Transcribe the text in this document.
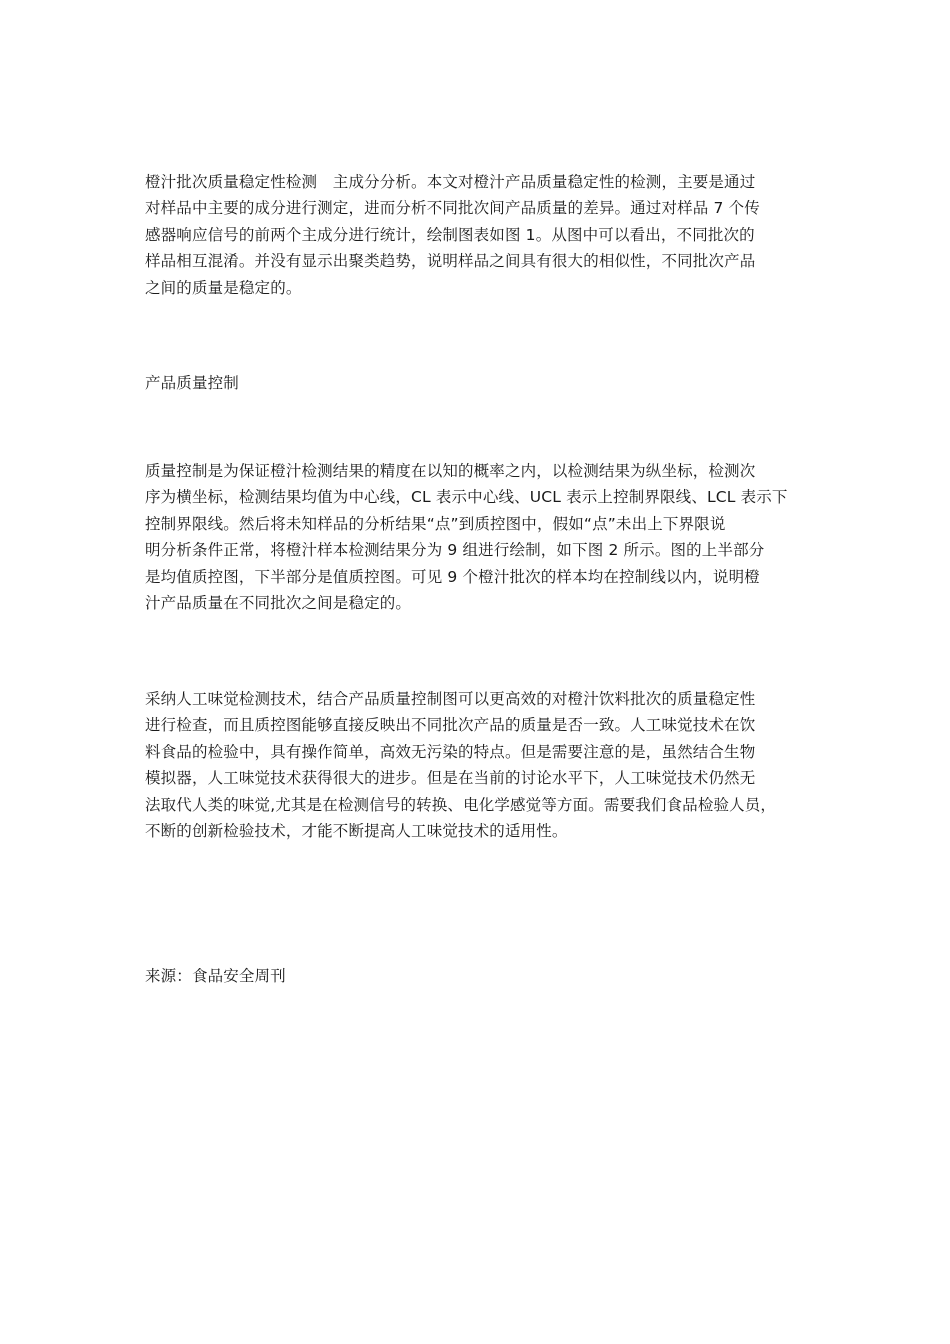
橙汁批次质量稳定性检测　主成分分析。本文对橙汁产品质量稳定性的检测，主要是通过
对样品中主要的成分进行测定，进而分析不同批次间产品质量的差异。通过对样品 7 个传
感器响应信号的前两个主成分进行统计，绘制图表如图 1。从图中可以看出，不同批次的
样品相互混淆。并没有显示出聚类趋势，说明样品之间具有很大的相似性，不同批次产品
之间的质量是稳定的。
产品质量控制
质量控制是为保证橙汁检测结果的精度在以知的概率之内，以检测结果为纵坐标，检测次
序为横坐标，检测结果均值为中心线，CL 表示中心线、UCL 表示上控制界限线、LCL 表示下
控制界限线。然后将未知样品的分析结果“点”到质控图中，假如“点”未出上下界限说
明分析条件正常，将橙汁样本检测结果分为 9 组进行绘制，如下图 2 所示。图的上半部分
是均值质控图，下半部分是值质控图。可见 9 个橙汁批次的样本均在控制线以内，说明橙
汁产品质量在不同批次之间是稳定的。
采纳人工味觉检测技术，结合产品质量控制图可以更高效的对橙汁饮料批次的质量稳定性
进行检查，而且质控图能够直接反映出不同批次产品的质量是否一致。人工味觉技术在饮
料食品的检验中，具有操作简单，高效无污染的特点。但是需要注意的是，虽然结合生物
模拟器，人工味觉技术获得很大的进步。但是在当前的讨论水平下，人工味觉技术仍然无
法取代人类的味觉,尤其是在检测信号的转换、电化学感觉等方面。需要我们食品检验人员，
不断的创新检验技术，才能不断提高人工味觉技术的适用性。
来源：食品安全周刊
